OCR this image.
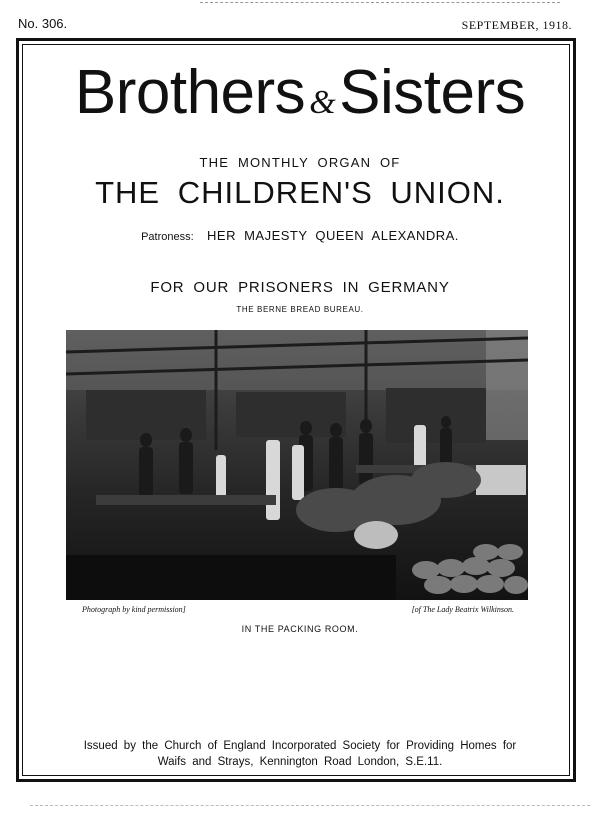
No. 306.	SEPTEMBER, 1918.
Brothers &Sisters
THE MONTHLY ORGAN OF
THE CHILDREN'S UNION.
Patroness: HER MAJESTY QUEEN ALEXANDRA.
FOR OUR PRISONERS IN GERMANY
THE BERNE BREAD BUREAU.
Photograph by kind permission]	[of The Lady Beatrix Wilkinson.
IN THE PACKING ROOM.
Issued by the Church of England Incorporated Society for Providing Homes for
Waifs and Strays, Kennington Road London, S.E.11.
